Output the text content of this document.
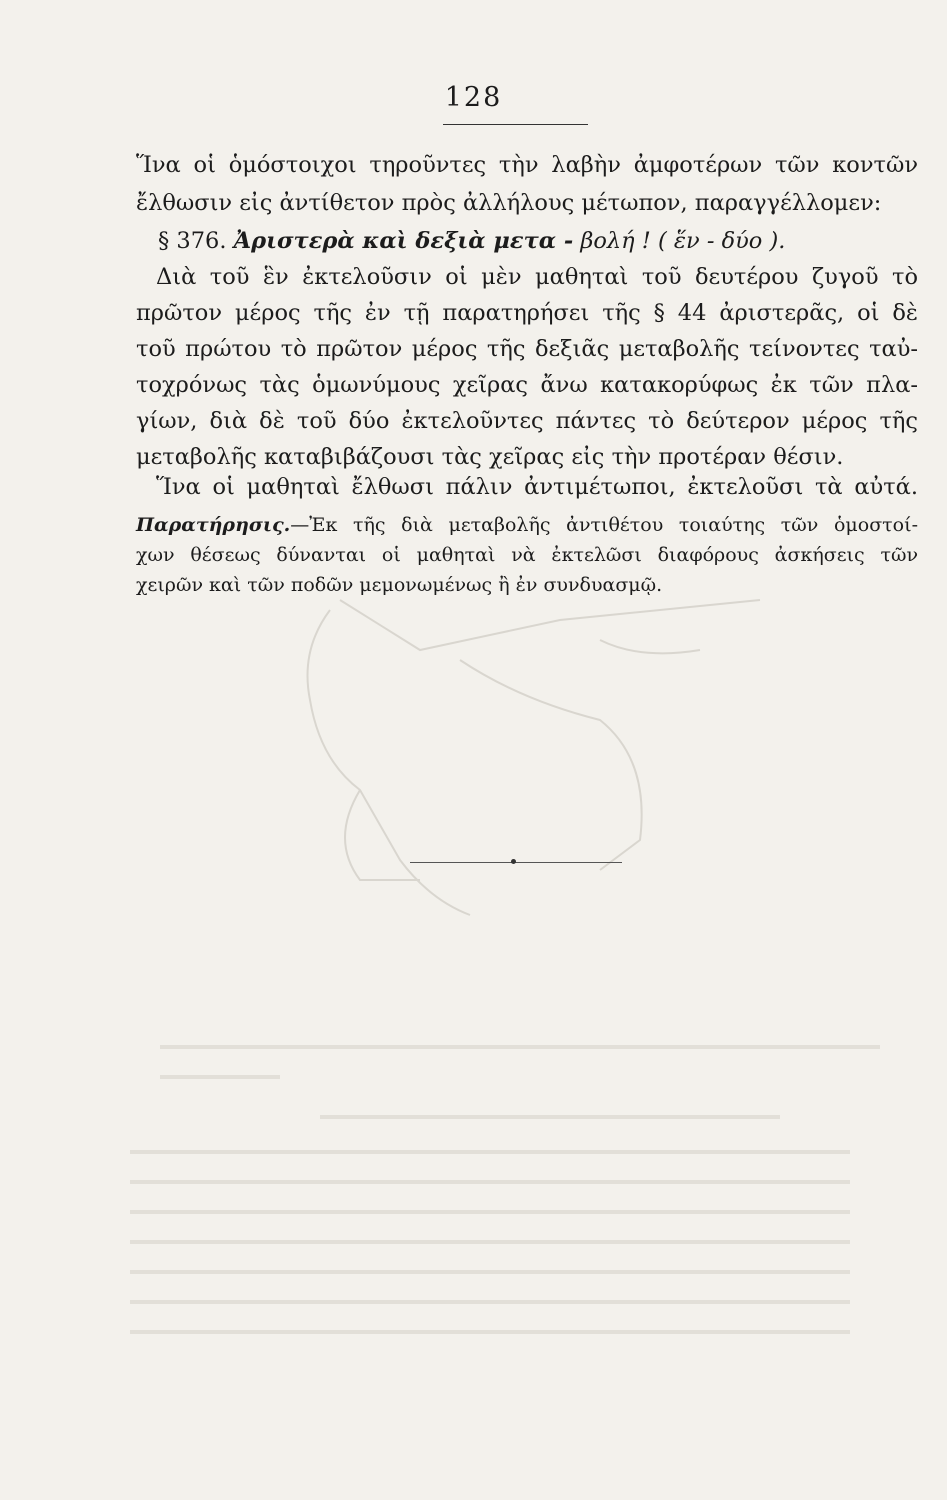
128
Ἵνα οἱ ὁμόστοιχοι τηροῦντες τὴν λαβὴν ἀμφοτέρων τῶν κοντῶν
ἔλθωσιν εἰς ἀντίθετον πρὸς ἀλλήλους μέτωπον, παραγγέλλομεν:
§ 376. Ἀριστερὰ καὶ δεξιὰ μετα - βολή ! ( ἕν - δύο ).
Διὰ τοῦ ἓν ἐκτελοῦσιν οἱ μὲν μαθηταὶ τοῦ δευτέρου ζυγοῦ τὸ
πρῶτον μέρος τῆς ἐν τῇ παρατηρήσει τῆς § 44 ἀριστερᾶς, οἱ δὲ
τοῦ πρώτου τὸ πρῶτον μέρος τῆς δεξιᾶς μεταβολῆς τείνοντες ταὐ-
τοχρόνως τὰς ὁμωνύμους χεῖρας ἄνω κατακορύφως ἐκ τῶν πλα-
γίων, διὰ δὲ τοῦ δύο ἐκτελοῦντες πάντες τὸ δεύτερον μέρος τῆς
μεταβολῆς καταβιβάζουσι τὰς χεῖρας εἰς τὴν προτέραν θέσιν.
Ἵνα οἱ μαθηταὶ ἔλθωσι πάλιν ἀντιμέτωποι, ἐκτελοῦσι τὰ αὐτά.
Παρατήρησις.—Ἐκ τῆς διὰ μεταβολῆς ἀντιθέτου τοιαύτης τῶν ὁμοστοί-
χων θέσεως δύνανται οἱ μαθηταὶ νὰ ἐκτελῶσι διαφόρους ἀσκήσεις τῶν
χειρῶν καὶ τῶν ποδῶν μεμονωμένως ἢ ἐν συνδυασμῷ.
